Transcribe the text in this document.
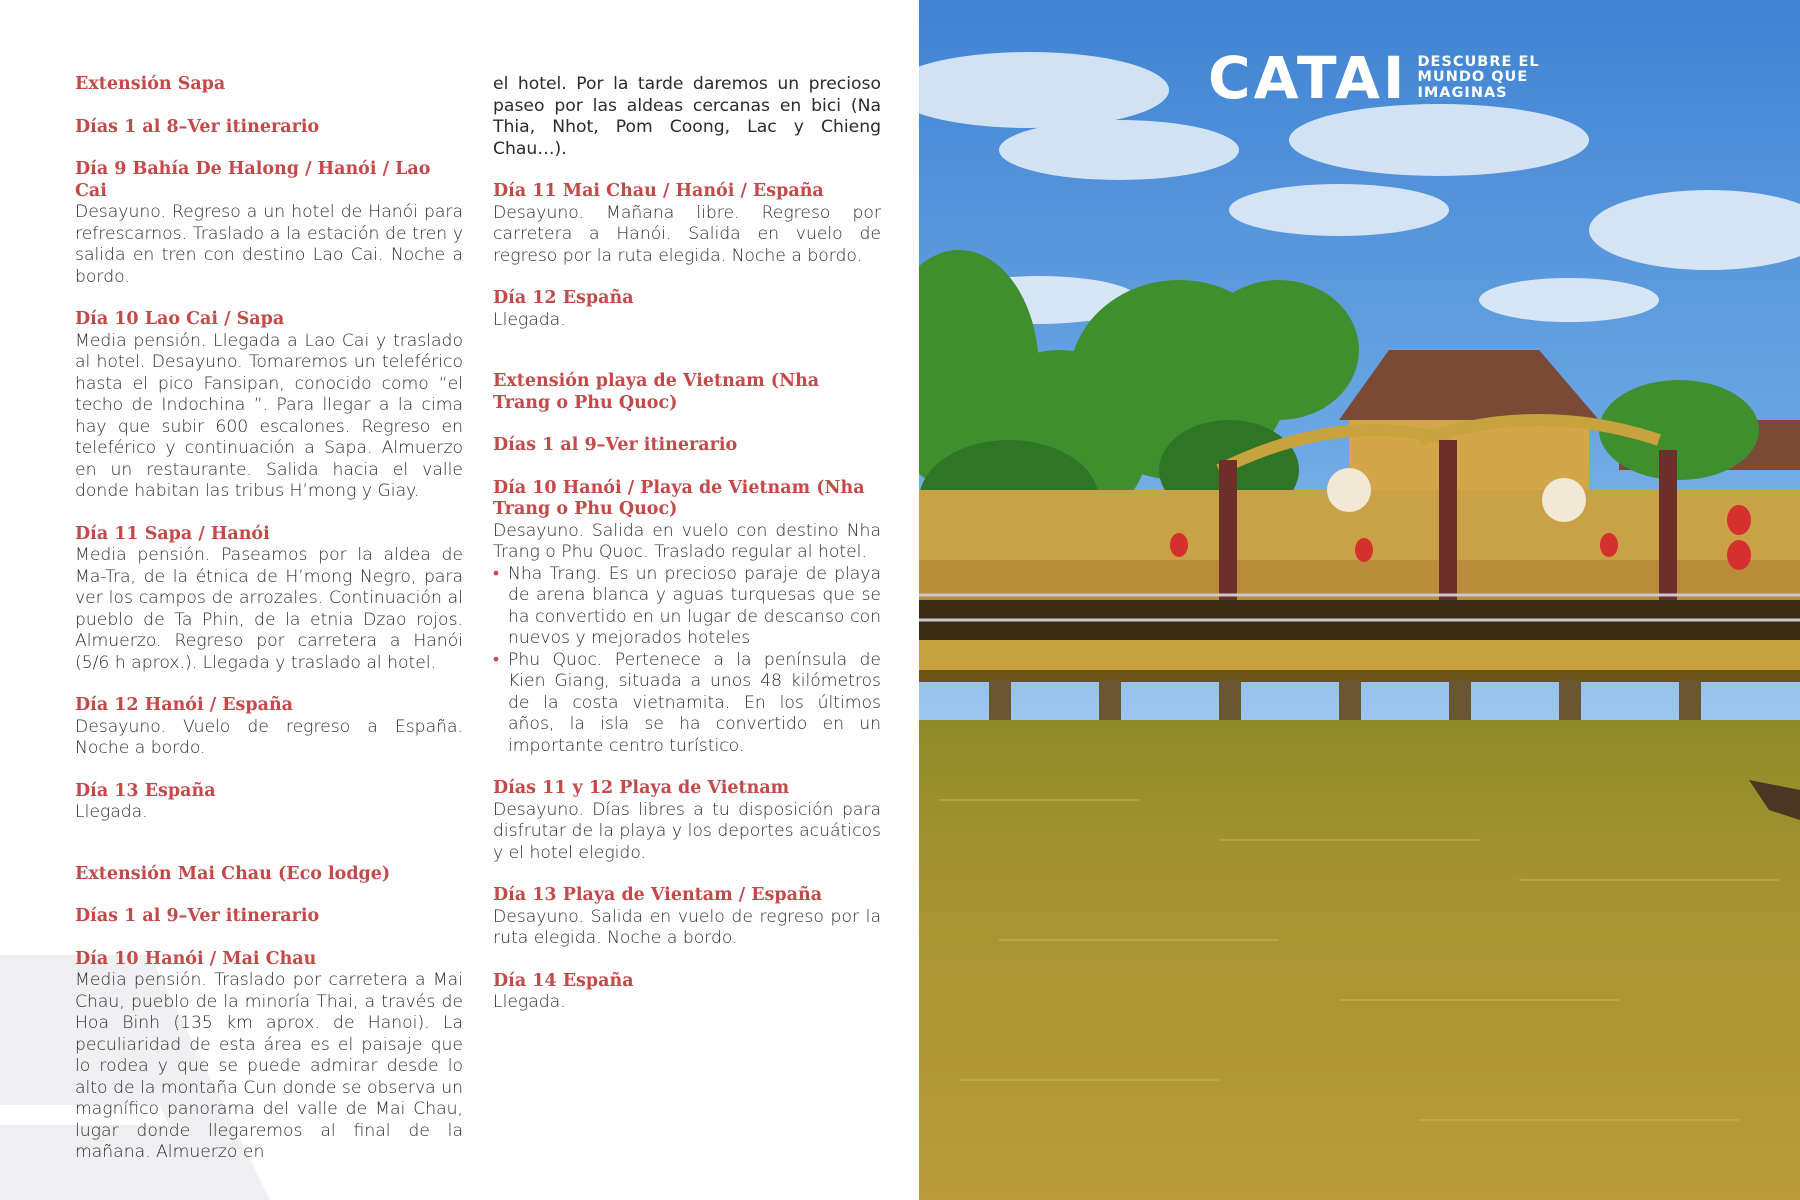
Extensión Sapa
Días 1 al 8–Ver itinerario
Día 9 Bahía De Halong / Hanói / Lao Cai

Desayuno. Regreso a un hotel de Hanói para refrescarnos. Traslado a la estación de tren y salida en tren con destino Lao Cai. Noche a bordo.

Día 10 Lao Cai / Sapa

Media pensión. Llegada a Lao Cai y traslado al hotel. Desayuno. Tomaremos un teleférico hasta el pico Fansipan, conocido como “el techo de Indochina ”. Para llegar a la cima hay que subir 600 escalones. Regreso en teleférico y continuación a Sapa. Almuerzo en un restaurante. Salida hacia el valle donde habitan las tribus H’mong y Giay.

Día 11 Sapa / Hanói

Media pensión. Paseamos por la aldea de Ma-Tra, de la étnica de H’mong Negro, para ver los campos de arrozales. Continuación al pueblo de Ta Phin, de la etnia Dzao rojos. Almuerzo. Regreso por carretera a Hanói (5/6 h aprox.). Llegada y traslado al hotel.

Día 12 Hanói / España

Desayuno. Vuelo de regreso a España. Noche a bordo.

Día 13 España

Llegada.

Extensión Mai Chau (Eco lodge)
Días 1 al 9–Ver itinerario
Día 10 Hanói / Mai Chau

Media pensión. Traslado por carretera a Mai Chau, pueblo de la minoría Thai, a través de Hoa Binh (135 km aprox. de Hanoi). La peculiaridad de esta área es el paisaje que lo rodea y que se puede admirar desde lo alto de la montaña Cun donde se observa un magnífico panorama del valle de Mai Chau, lugar donde llegaremos al final de la mañana. Almuerzo en

el hotel. Por la tarde daremos un precioso paseo por las aldeas cercanas en bici (Na Thia, Nhot, Pom Coong, Lac y Chieng Chau…).

Día 11 Mai Chau / Hanói / España

Desayuno. Mañana libre. Regreso por carretera a Hanói. Salida en vuelo de regreso por la ruta elegida. Noche a bordo.

Día 12 España

Llegada.

Extensión playa de Vietnam (Nha Trang o Phu Quoc)
Días 1 al 9–Ver itinerario
Día 10 Hanói / Playa de Vietnam (Nha Trang o Phu Quoc)

Desayuno. Salida en vuelo con destino Nha Trang o Phu Quoc. Traslado regular al hotel.

• Nha Trang. Es un precioso paraje de playa de arena blanca y aguas turquesas que se ha convertido en un lugar de descanso con nuevos y mejorados hoteles
• Phu Quoc. Pertenece a la península de Kien Giang, situada a unos 48 kilómetros de la costa vietnamita. En los últimos años, la isla se ha convertido en un importante centro turístico.
Días 11 y 12 Playa de Vietnam

Desayuno. Días libres a tu disposición para disfrutar de la playa y los deportes acuáticos y el hotel elegido.

Día 13 Playa de Vientam / España

Desayuno. Salida en vuelo de regreso por la ruta elegida. Noche a bordo.

Día 14 España

Llegada.

CATAI DESCUBRE EL
MUNDO QUE
IMAGINAS
